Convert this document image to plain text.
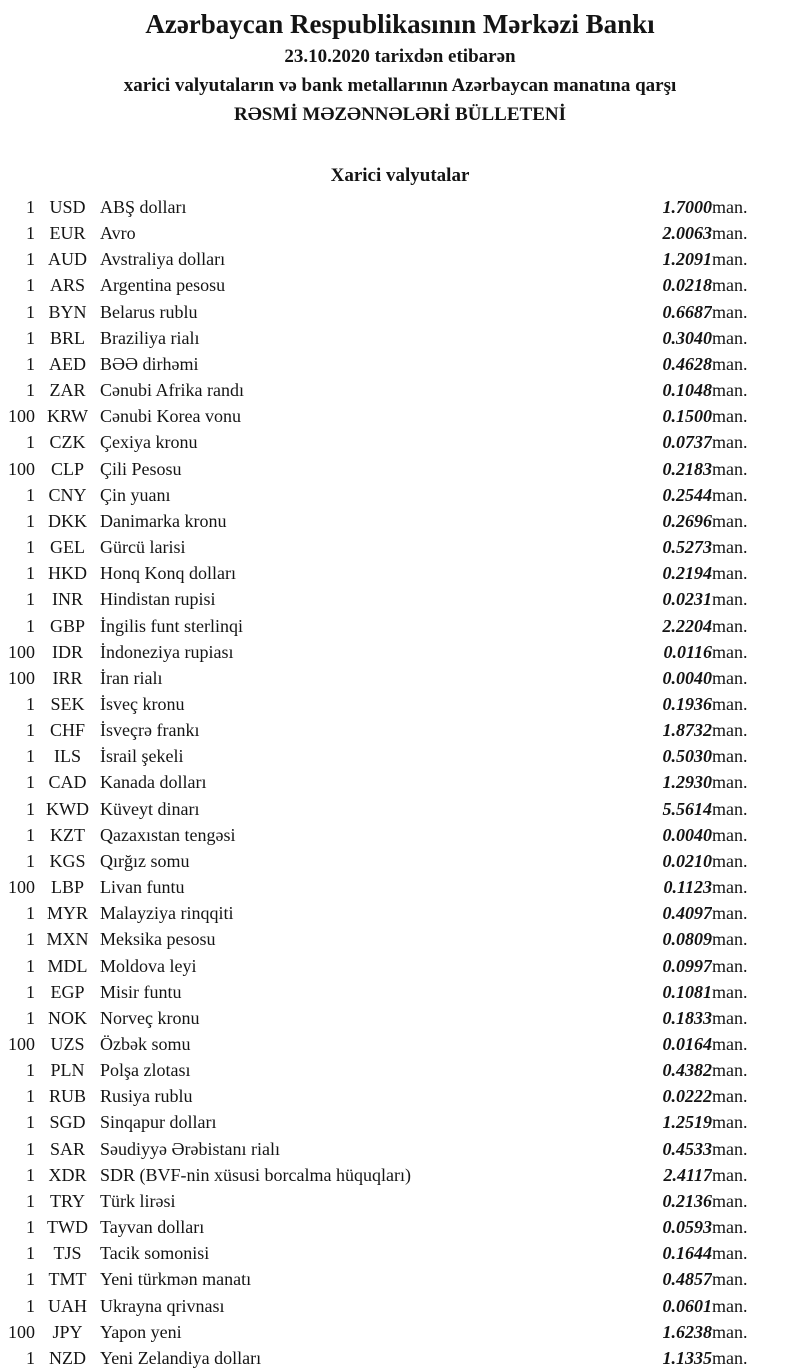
Azərbaycan Respublikasının Mərkəzi Bankı
23.10.2020 tarixdən etibarən
xarici valyutaların və bank metallarının Azərbaycan manatına qarşı
RƏSMİ MƏZƏNNƏLƏRİ BÜLLETENİ
Xarici valyutalar
1	USD	ABŞ dolları	1.7000	man.
1	EUR	Avro	2.0063	man.
1	AUD	Avstraliya dolları	1.2091	man.
1	ARS	Argentina pesosu	0.0218	man.
1	BYN	Belarus rublu	0.6687	man.
1	BRL	Braziliya rialı	0.3040	man.
1	AED	BƏƏ dirhəmi	0.4628	man.
1	ZAR	Cənubi Afrika randı	0.1048	man.
100	KRW	Cənubi Korea vonu	0.1500	man.
1	CZK	Çexiya kronu	0.0737	man.
100	CLP	Çili Pesosu	0.2183	man.
1	CNY	Çin yuanı	0.2544	man.
1	DKK	Danimarka kronu	0.2696	man.
1	GEL	Gürcü larisi	0.5273	man.
1	HKD	Honq Konq dolları	0.2194	man.
1	INR	Hindistan rupisi	0.0231	man.
1	GBP	İngilis funt sterlinqi	2.2204	man.
100	IDR	İndoneziya rupiası	0.0116	man.
100	IRR	İran rialı	0.0040	man.
1	SEK	İsveç kronu	0.1936	man.
1	CHF	İsveçrə frankı	1.8732	man.
1	ILS	İsrail şekeli	0.5030	man.
1	CAD	Kanada dolları	1.2930	man.
1	KWD	Küveyt dinarı	5.5614	man.
1	KZT	Qazaxıstan tengəsi	0.0040	man.
1	KGS	Qırğız somu	0.0210	man.
100	LBP	Livan funtu	0.1123	man.
1	MYR	Malayziya rinqqiti	0.4097	man.
1	MXN	Meksika pesosu	0.0809	man.
1	MDL	Moldova leyi	0.0997	man.
1	EGP	Misir funtu	0.1081	man.
1	NOK	Norveç kronu	0.1833	man.
100	UZS	Özbək somu	0.0164	man.
1	PLN	Polşa zlotası	0.4382	man.
1	RUB	Rusiya rublu	0.0222	man.
1	SGD	Sinqapur dolları	1.2519	man.
1	SAR	Səudiyyə Ərəbistanı rialı	0.4533	man.
1	XDR	SDR (BVF-nin xüsusi borcalma hüquqları)	2.4117	man.
1	TRY	Türk lirəsi	0.2136	man.
1	TWD	Tayvan dolları	0.0593	man.
1	TJS	Tacik somonisi	0.1644	man.
1	TMT	Yeni türkmən manatı	0.4857	man.
1	UAH	Ukrayna qrivnası	0.0601	man.
100	JPY	Yapon yeni	1.6238	man.
1	NZD	Yeni Zelandiya dolları	1.1335	man.
